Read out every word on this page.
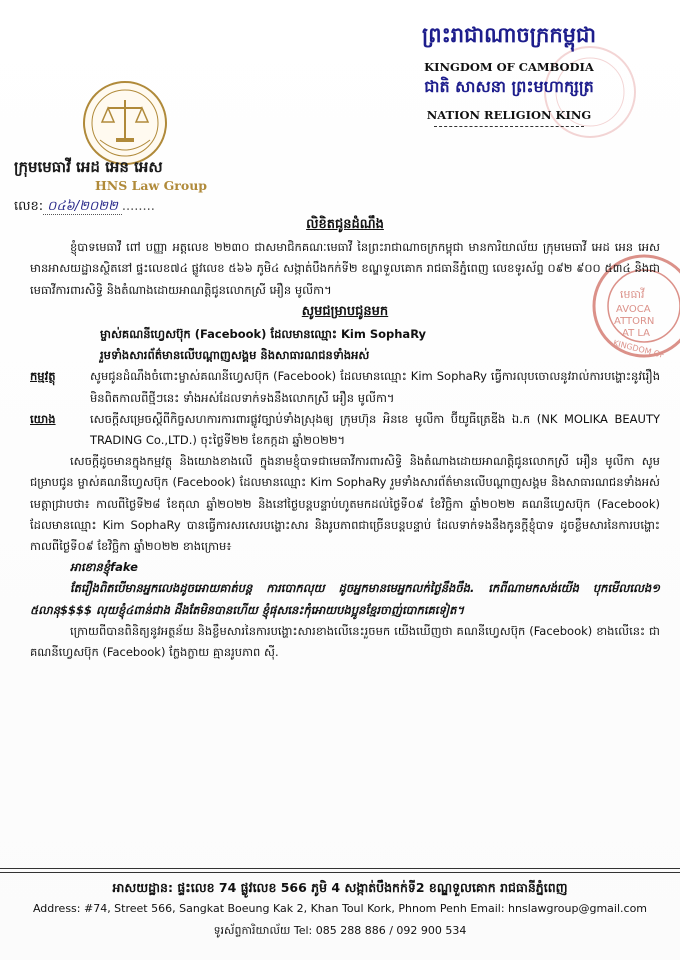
ក្រុមមេធាវី អេដ អេន អេស
HNS Law Group
លេខ: ០៤៦/២០២២ ........
ព្រះរាជាណាចក្រកម្ពុជា
KINGDOM OF CAMBODIA
ជាតិ សាសនា ព្រះមហាក្សត្រ
NATION RELIGION KING
មេធាវី
AVOCA
ATTORN
AT LA
KINGDOM OF
លិខិតជូនដំណឹង

ខ្ញុំបាទមេធាវី ពៅ បញ្ញា អត្តលេខ ២២៣០ ជាសមាជិកគណៈមេធាវី នៃព្រះរាជាណាចក្រកម្ពុជា មានការិយាល័យ ក្រុមមេធាវី អេដ អេន អេស មានអាសយដ្ឋានស្ថិតនៅ ផ្ទះលេខ៧៤ ផ្លូវលេខ ៥៦៦ ភូមិ៤ សង្កាត់បឹងកក់ទី២ ខណ្ឌទួលគោក រាជធានីភ្នំពេញ លេខទូរស័ព្ទ ០៩២ ៩០០ ៥៣៤ និងជាមេធាវីការពារសិទ្ធិ និងតំណាងដោយអាណត្តិជូនលោកស្រី អឿន មូលីកា។

សូមជម្រាបជូនមក
ម្ចាស់គណនីហ្វេសប៊ុក (Facebook) ដែលមានឈ្មោះ Kim SophaRy
រួមទាំងសារព័ត៌មានលើបណ្ដាញសង្គម និងសាធារណជនទាំងអស់
កម្មវត្ថុ	សូមជូនដំណឹងចំពោះម្ចាស់គណនីហ្វេសប៊ុក (Facebook) ដែលមានឈ្មោះ Kim SophaRy ធ្វើការលុបចោលនូវរាល់ការបង្ហោះនូវរឿងមិនពិតកាលពីថ្មីៗនេះ ទាំងអស់ដែលទាក់ទងនឹងលោកស្រី អឿន មូលីកា។
យោង	សេចក្ដីសម្រេចស្ដីពីកិច្ចសហការការពារផ្លូវច្បាប់ទាំងស្រុងឲ្យ ក្រុមហ៊ុន អិនខេ មូលីកា ប៊ីយូធីត្រេឌីង ឯ.ក (NK MOLIKA BEAUTY TRADING Co.,LTD.) ចុះថ្ងៃទី២២ ខែកក្កដា ឆ្នាំ២០២២។

សេចក្ដីដូចមានក្នុងកម្មវត្ថុ និងយោងខាងលើ ក្នុងនាមខ្ញុំបាទជាមេធាវីការពារសិទ្ធិ និងតំណាងដោយអាណត្តិជូនលោកស្រី អឿន មូលីកា សូមជម្រាបជូន ម្ចាស់គណនីហ្វេសប៊ុក (Facebook) ដែលមានឈ្មោះ Kim SophaRy រួមទាំងសារព័ត៌មានលើបណ្ដាញសង្គម និងសាធារណជនទាំងអស់ មេត្តាជ្រាបថា៖ កាលពីថ្ងៃទី២៨ ខែតុលា ឆ្នាំ២០២២ និងនៅថ្ងៃបន្តបន្ទាប់ហូតមកដល់ថ្ងៃទី០៩ ខែវិច្ឆិកា ឆ្នាំ២០២២ គណនីហ្វេសប៊ុក (Facebook) ដែលមានឈ្មោះ Kim SophaRy បានធ្វើការសរសេរបង្ហោះសារ និងរូបភាពជាច្រើនបន្តបន្ទាប់ ដែលទាក់ទងនឹងកូនក្ដីខ្ញុំបាទ ដូចខ្លឹមសារនៃការបង្ហោះកាលពីថ្ងៃទី០៩ ខែវិច្ឆិកា ឆ្នាំ២០២២ ខាងក្រោម៖

អាខោនខ្ញុំfake

តែរឿងពិតបើមានអ្នកលេងដូចអោយគាត់បន្ត ការបោកលុយ ដូចអ្នកមានមេអ្នកលក់ថ្ងៃនឹងចឹង. កេពីណាមកសង់យើង បុកមើលលេង១ ៥លានុ$$$$ លុយខ្ញុំ៤ពាន់ជាង ដឹងតែមិនបានហើយ ខ្ញុំផុសនេះកុំអោយបងប្អូនខ្មែរចាញ់បោកគេទៀត។

ក្រោយពីបានពិនិត្យនូវអត្ថន័យ និងខ្លឹមសារនៃការបង្ហោះសារខាងលើនេះរួចមក យើងឃើញថា គណនីហ្វេសប៊ុក (Facebook) ខាងលើនេះ ជាគណនីហ្វេសប៊ុក (Facebook) ក្លែងក្លាយ គ្មានរូបភាព ស៊ី.

អាសយដ្ឋាន: ផ្ទះលេខ 74 ផ្លូវលេខ 566 ភូមិ 4 សង្កាត់បឹងកក់ទី2 ខណ្ឌទួលគោក រាជធានីភ្នំពេញ
Address: #74, Street 566, Sangkat Boeung Kak 2, Khan Toul Kork, Phnom Penh Email: hnslawgroup@gmail.com
ទូរស័ព្ទការិយាល័យ Tel: 085 288 886 / 092 900 534
